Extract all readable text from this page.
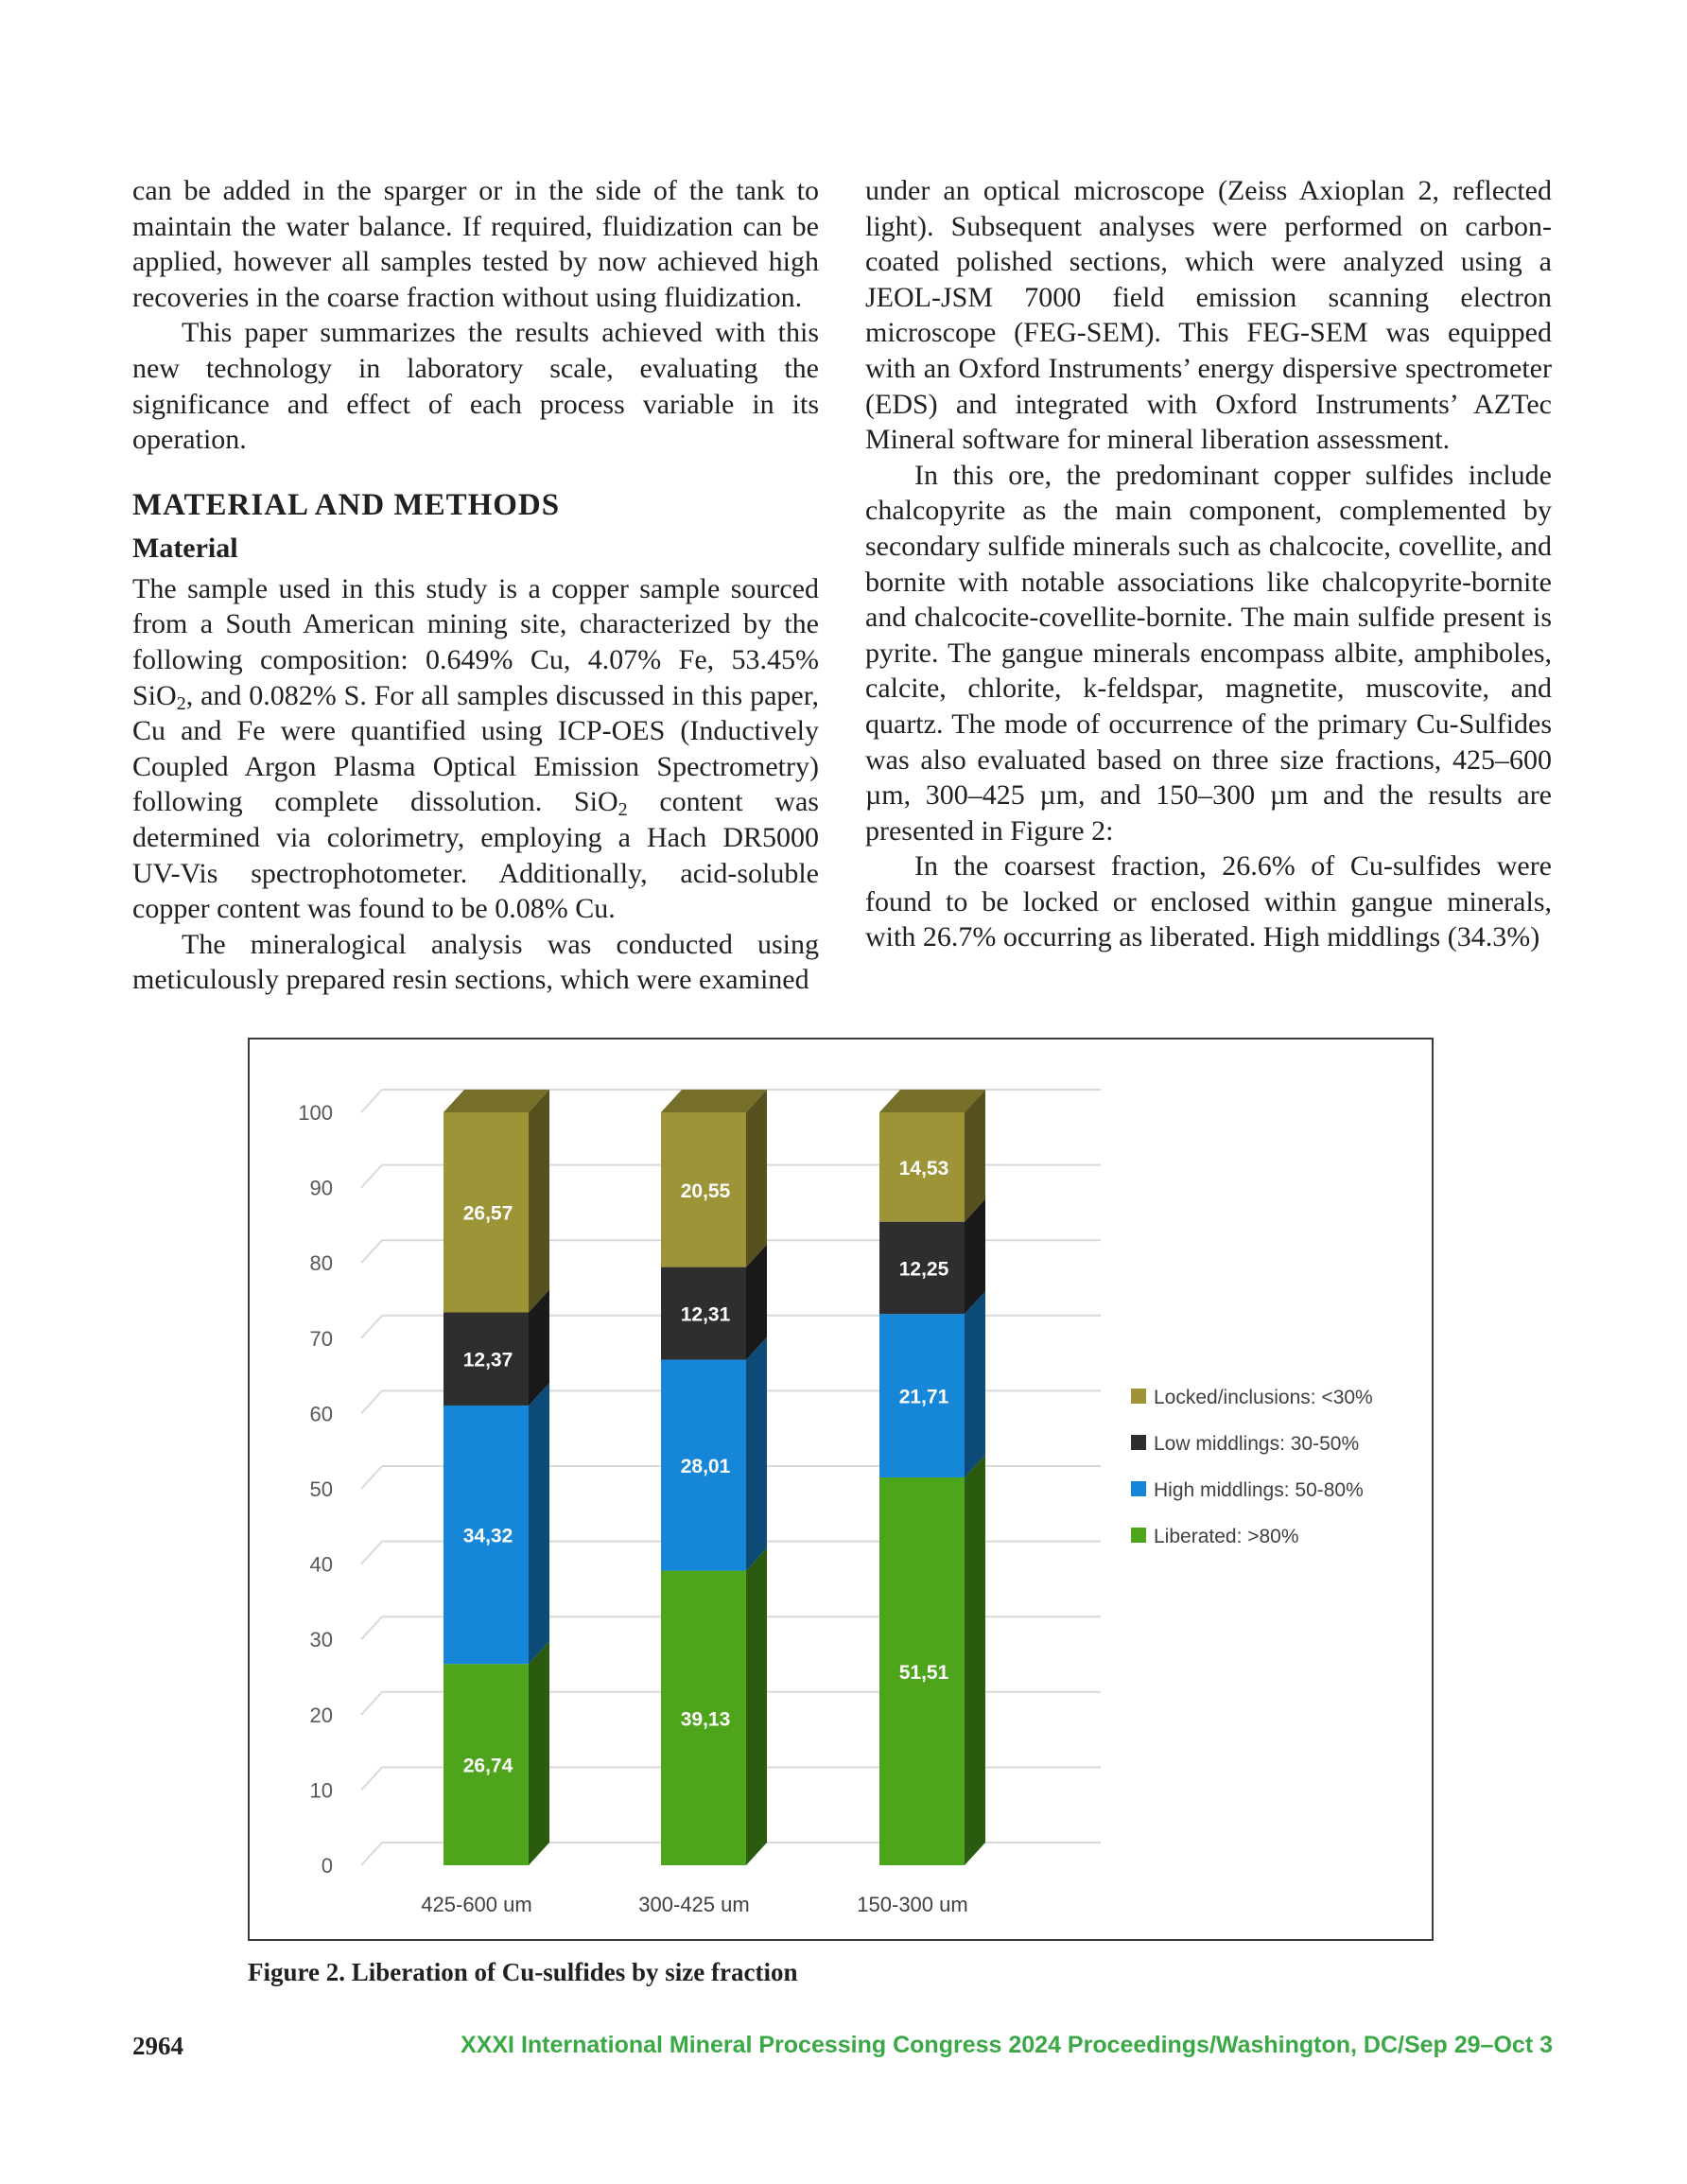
can be added in the sparger or in the side of the tank to maintain the water balance. If required, fluidization can be applied, however all samples tested by now achieved high recoveries in the coarse fraction without using fluidization.

This paper summarizes the results achieved with this new technology in laboratory scale, evaluating the significance and effect of each process variable in its operation.

MATERIAL AND METHODS

Material

The sample used in this study is a copper sample sourced from a South American mining site, characterized by the following composition: 0.649% Cu, 4.07% Fe, 53.45% SiO$_2$, and 0.082% S. For all samples discussed in this paper, Cu and Fe were quantified using ICP-OES (Inductively Coupled Argon Plasma Optical Emission Spectrometry) following complete dissolution. SiO$_2$ content was determined via colorimetry, employing a Hach DR5000 UV-Vis spectrophotometer. Additionally, acid-soluble copper content was found to be 0.08% Cu.

The mineralogical analysis was conducted using meticulously prepared resin sections, which were examined

under an optical microscope (Zeiss Axioplan 2, reflected light). Subsequent analyses were performed on carbon-coated polished sections, which were analyzed using a JEOL-JSM 7000 field emission scanning electron microscope (FEG-SEM). This FEG-SEM was equipped with an Oxford Instruments’ energy dispersive spectrometer (EDS) and integrated with Oxford Instruments’ AZTec Mineral software for mineral liberation assessment.

In this ore, the predominant copper sulfides include chalcopyrite as the main component, complemented by secondary sulfide minerals such as chalcocite, covellite, and bornite with notable associations like chalcopyrite-bornite and chalcocite-covellite-bornite. The main sulfide present is pyrite. The gangue minerals encompass albite, amphiboles, calcite, chlorite, k-feldspar, magnetite, muscovite, and quartz. The mode of occurrence of the primary Cu-Sulfides was also evaluated based on three size fractions, 425–600 µm, 300–425 µm, and 150–300 µm and the results are presented in Figure 2:

In the coarsest fraction, 26.6% of Cu-sulfides were found to be locked or enclosed within gangue minerals, with 26.7% occurring as liberated. High middlings (34.3%)

0
10
20
30
40
50
60
70
80
90
100
26,74
34,32
12,37
26,57
425-600 um
39,13
28,01
12,31
20,55
300-425 um
51,51
21,71
12,25
14,53
150-300 um
Locked/inclusions: <30%
Low middlings: 30-50%
High middlings: 50-80%
Liberated: >80%
Figure 2. Liberation of Cu-sulfides by size fraction
2964	XXXI International Mineral Processing Congress 2024 Proceedings/Washington, DC/Sep 29–Oct 3
